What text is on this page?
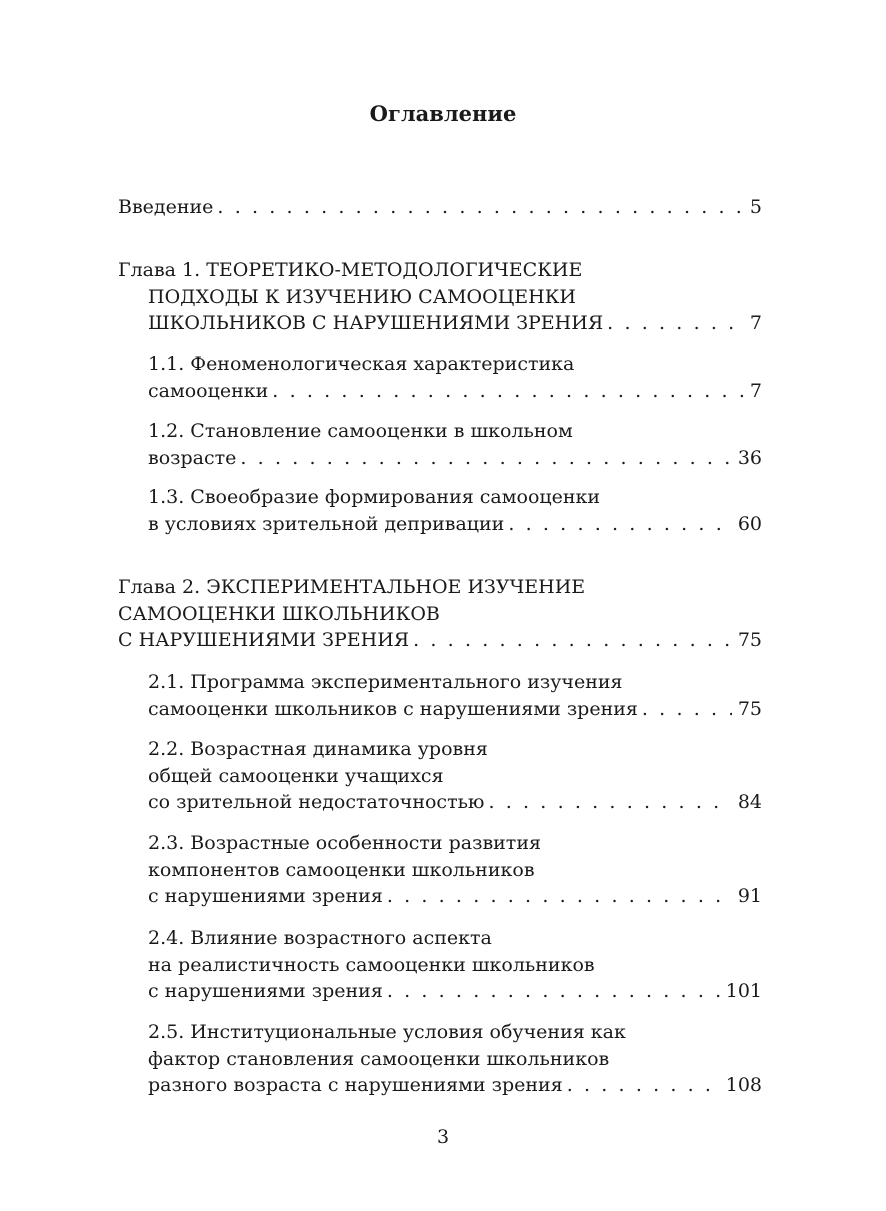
Оглавление
Введение . . .	5
Глава 1. ТЕОРЕТИКО-МЕТОДОЛОГИЧЕСКИЕ
ПОДХОДЫ К ИЗУЧЕНИЮ САМООЦЕНКИ
ШКОЛЬНИКОВ С НАРУШЕНИЯМИ ЗРЕНИЯ . . .	7
1.1. Феноменологическая характеристика
самооценки . . .	7
1.2. Становление самооценки в школьном
возрасте . . .	36
1.3. Своеобразие формирования самооценки
в условиях зрительной депривации . . .	60
Глава 2. ЭКСПЕРИМЕНТАЛЬНОЕ ИЗУЧЕНИЕ
САМООЦЕНКИ ШКОЛЬНИКОВ
С НАРУШЕНИЯМИ ЗРЕНИЯ . . .	75
2.1. Программа экспериментального изучения
самооценки школьников с нарушениями зрения . . .	75
2.2. Возрастная динамика уровня
общей самооценки учащихся
со зрительной недостаточностью . . .	84
2.3. Возрастные особенности развития
компонентов самооценки школьников
с нарушениями зрения . . .	91
2.4. Влияние возрастного аспекта
на реалистичность самооценки школьников
с нарушениями зрения . . .	101
2.5. Институциональные условия обучения как
фактор становления самооценки школьников
разного возраста с нарушениями зрения . . .	108
3
